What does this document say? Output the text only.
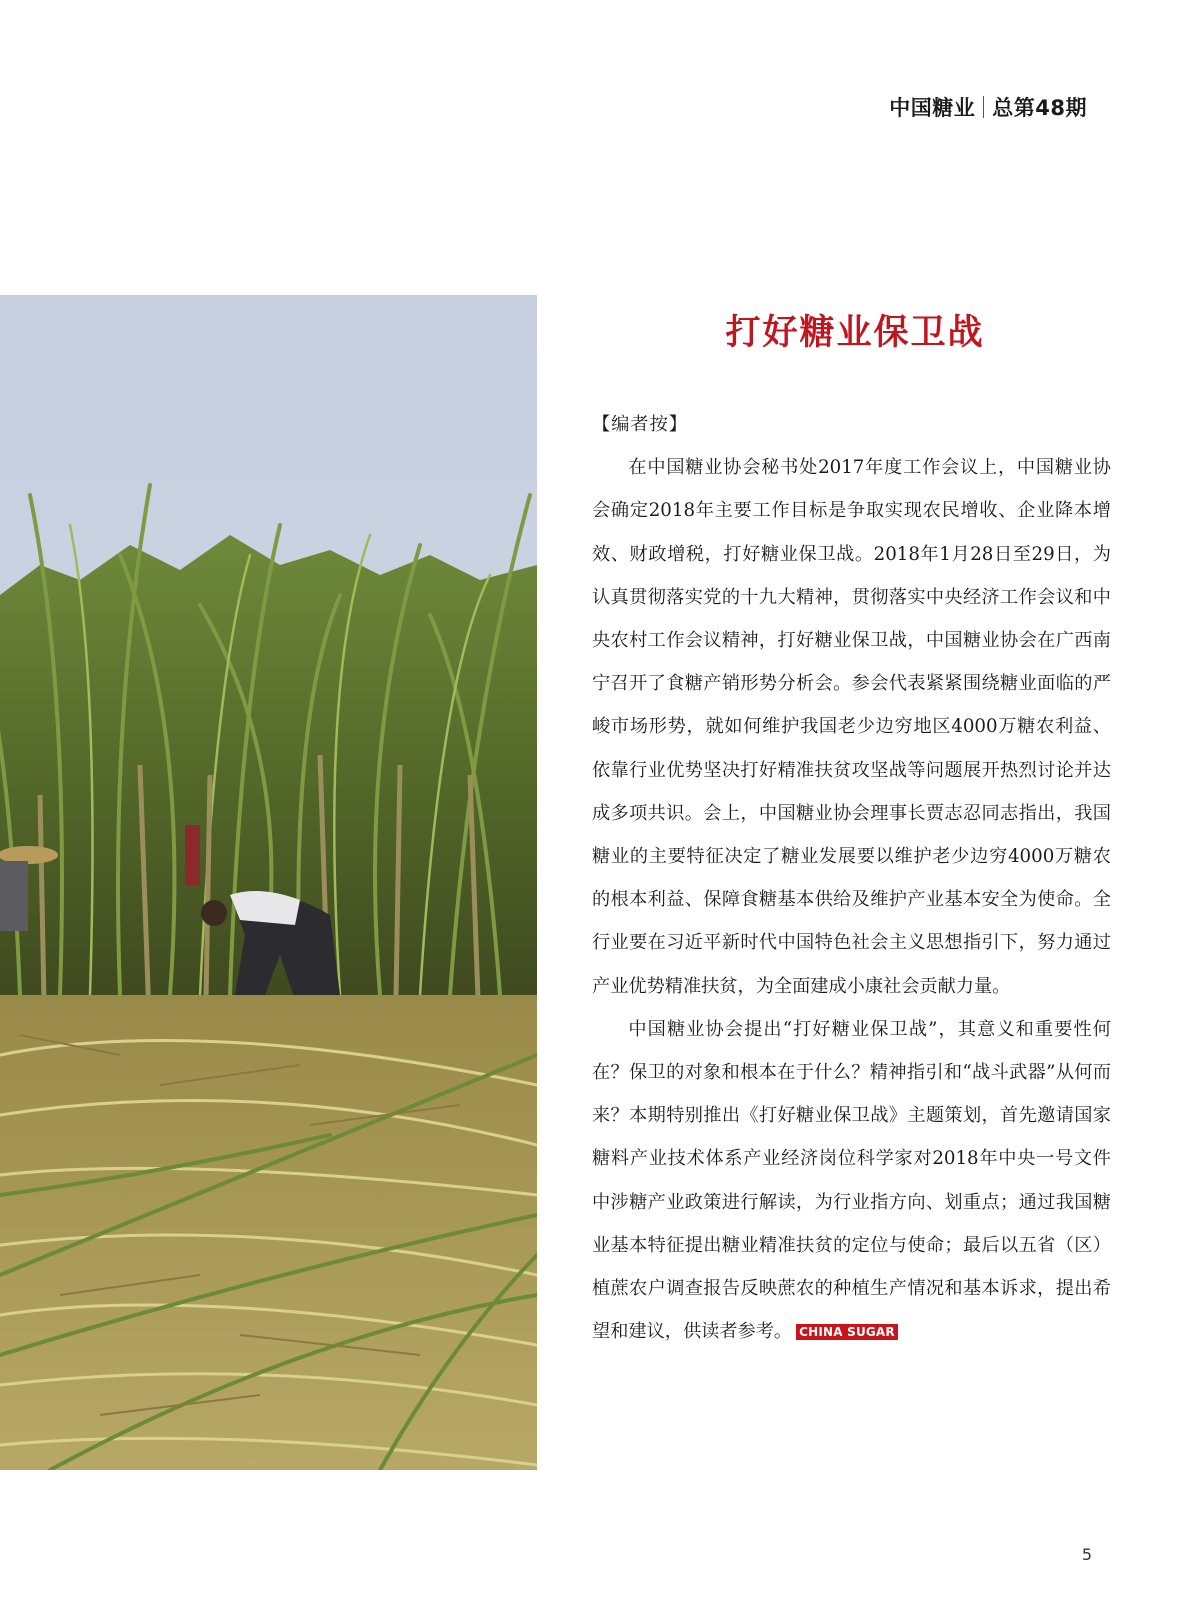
中国糖业 总第48期
打好糖业保卫战

【编者按】

在中国糖业协会秘书处2017年度工作会议上，中国糖业协会确定2018年主要工作目标是争取实现农民增收、企业降本增效、财政增税，打好糖业保卫战。2018年1月28日至29日，为认真贯彻落实党的十九大精神，贯彻落实中央经济工作会议和中央农村工作会议精神，打好糖业保卫战，中国糖业协会在广西南宁召开了食糖产销形势分析会。参会代表紧紧围绕糖业面临的严峻市场形势，就如何维护我国老少边穷地区4000万糖农利益、依靠行业优势坚决打好精准扶贫攻坚战等问题展开热烈讨论并达成多项共识。会上，中国糖业协会理事长贾志忍同志指出，我国糖业的主要特征决定了糖业发展要以维护老少边穷4000万糖农的根本利益、保障食糖基本供给及维护产业基本安全为使命。全行业要在习近平新时代中国特色社会主义思想指引下，努力通过产业优势精准扶贫，为全面建成小康社会贡献力量。

中国糖业协会提出“打好糖业保卫战”，其意义和重要性何在？保卫的对象和根本在于什么？精神指引和“战斗武器”从何而来？本期特别推出《打好糖业保卫战》主题策划，首先邀请国家糖料产业技术体系产业经济岗位科学家对2018年中央一号文件中涉糖产业政策进行解读，为行业指方向、划重点；通过我国糖业基本特征提出糖业精准扶贫的定位与使命；最后以五省（区）植蔗农户调查报告反映蔗农的种植生产情况和基本诉求，提出希望和建议，供读者参考。 CHINA SUGAR

5
